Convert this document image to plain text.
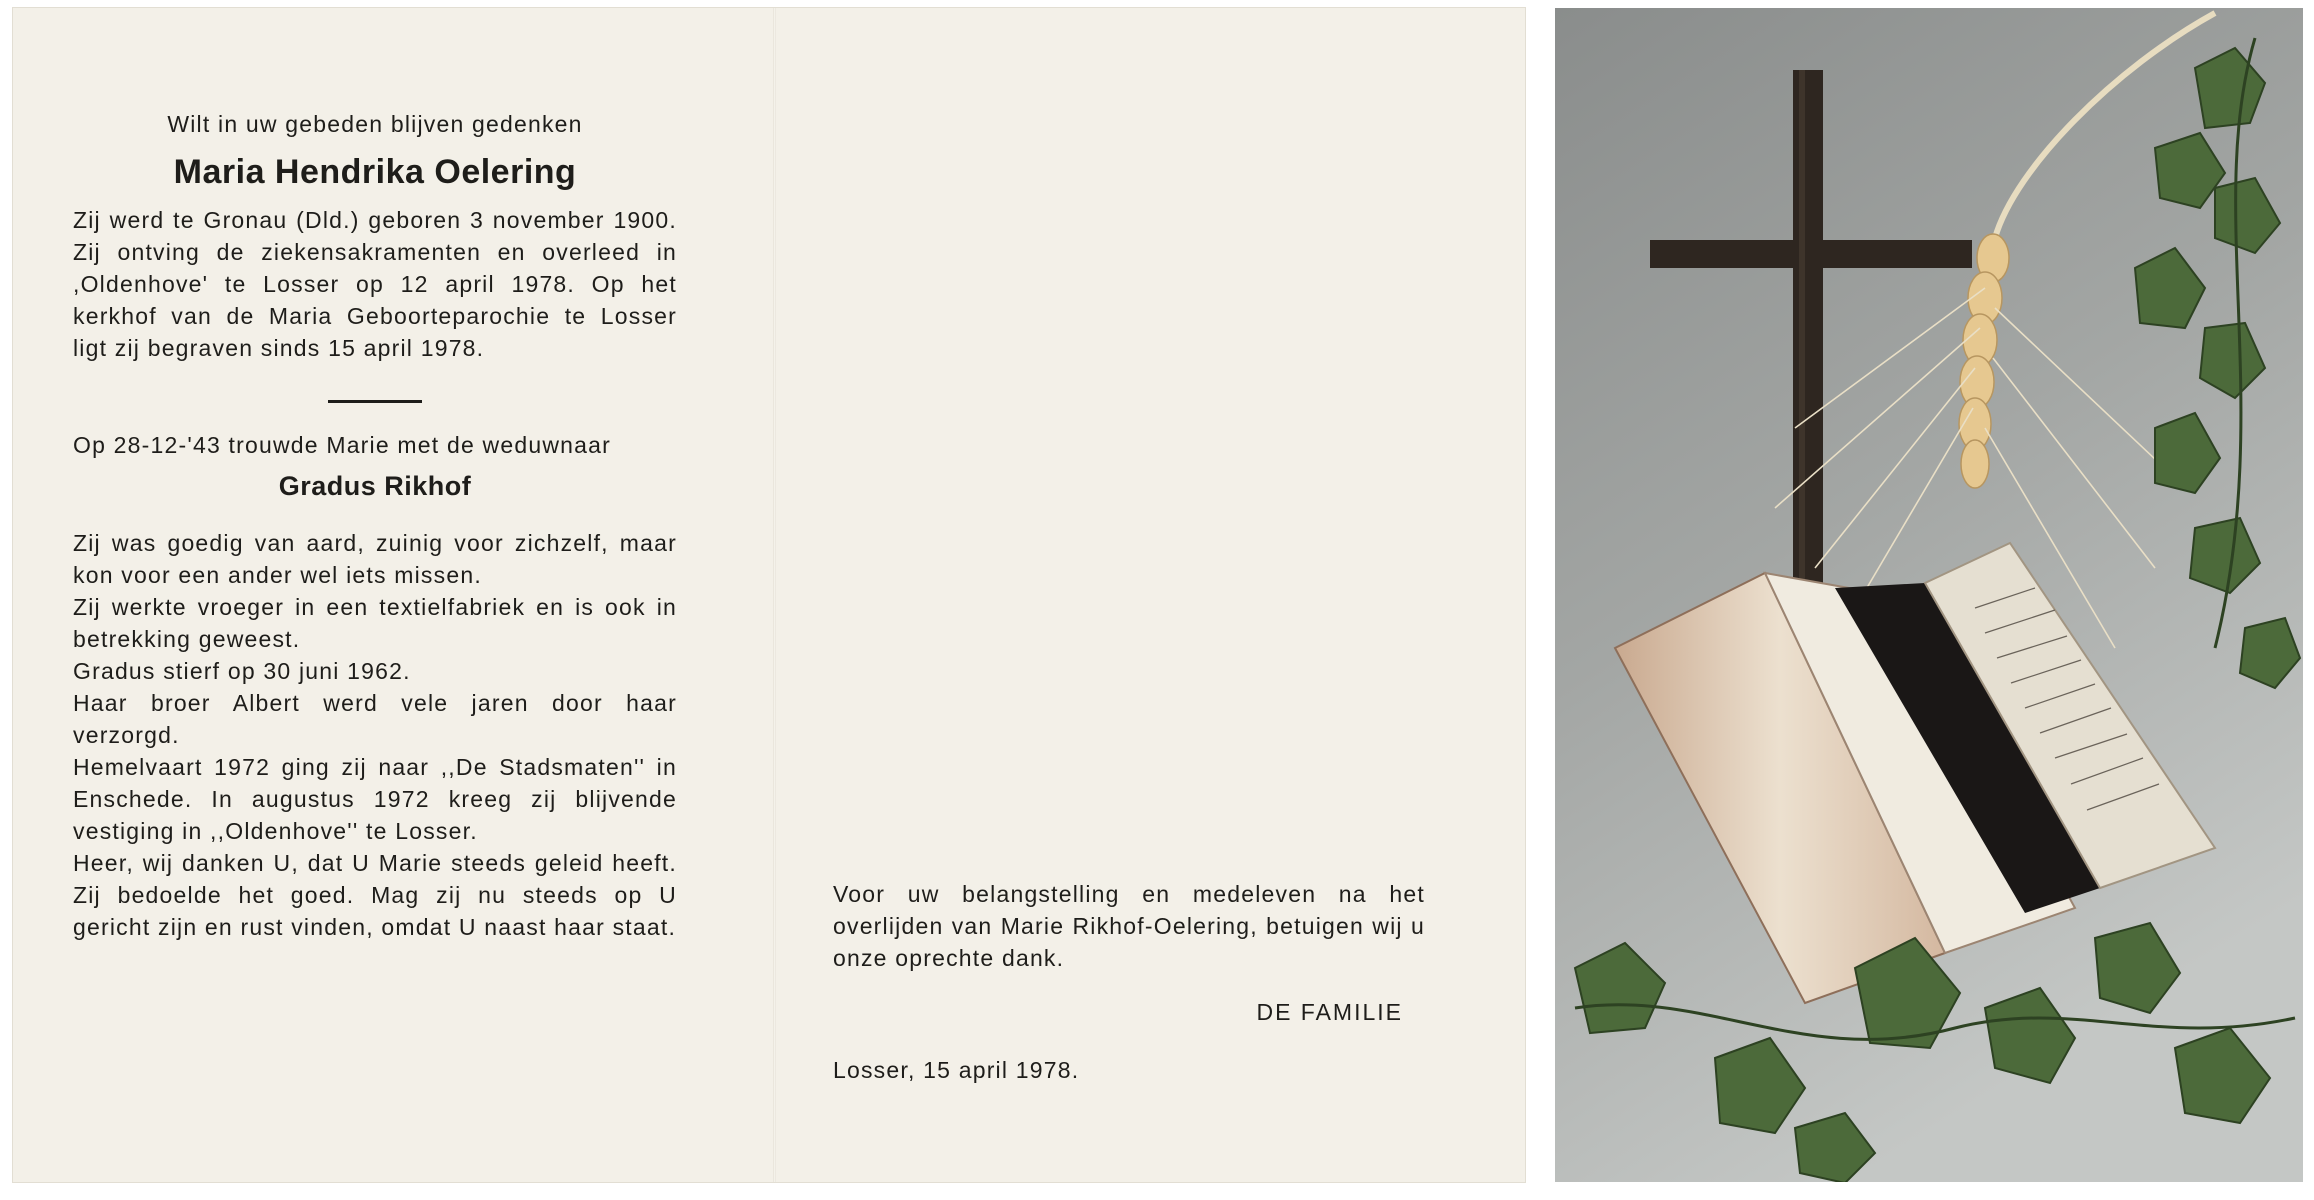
Wilt in uw gebeden blijven gedenken

Maria Hendrika Oelering

Zij werd te Gronau (Dld.) geboren 3 november 1900. Zij ontving de ziekensakramenten en overleed in ,Oldenhove' te Losser op 12 april 1978. Op het kerkhof van de Maria Geboorteparochie te Losser ligt zij begraven sinds 15 april 1978.

Op 28-12-'43 trouwde Marie met de weduwnaar

Gradus Rikhof

Zij was goedig van aard, zuinig voor zichzelf, maar kon voor een ander wel iets missen.

Zij werkte vroeger in een textielfabriek en is ook in betrekking geweest.

Gradus stierf op 30 juni 1962.

Haar broer Albert werd vele jaren door haar verzorgd.

Hemelvaart 1972 ging zij naar ,,De Stadsmaten'' in Enschede. In augustus 1972 kreeg zij blijvende vestiging in ,,Oldenhove'' te Losser.

Heer, wij danken U, dat U Marie steeds geleid heeft. Zij bedoelde het goed. Mag zij nu steeds op U gericht zijn en rust vinden, omdat U naast haar staat.

Voor uw belangstelling en medeleven na het overlijden van Marie Rikhof-Oelering, betuigen wij u onze oprechte dank.

DE FAMILIE

Losser, 15 april 1978.
